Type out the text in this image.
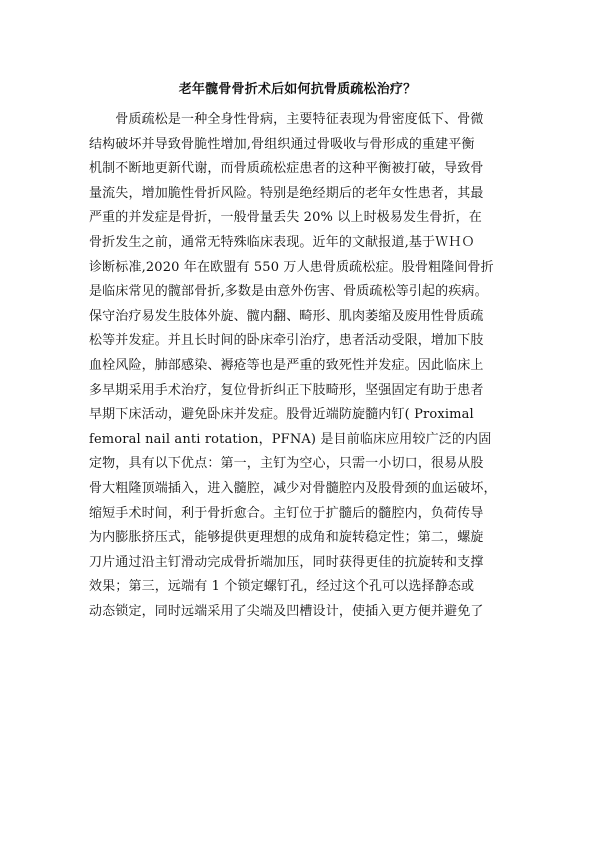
老年髋骨骨折术后如何抗骨质疏松治疗？
　　骨质疏松是一种全身性骨病，主要特征表现为骨密度低下、骨微
结构破坏并导致骨脆性增加,骨组织通过骨吸收与骨形成的重建平衡
机制不断地更新代谢，而骨质疏松症患者的这种平衡被打破，导致骨
量流失，增加脆性骨折风险。特别是绝经期后的老年女性患者，其最
严重的并发症是骨折，一般骨量丢失 20% 以上时极易发生骨折，在
骨折发生之前，通常无特殊临床表现。近年的文献报道,基于ＷＨＯ
诊断标准,2020 年在欧盟有 550 万人患骨质疏松症。股骨粗隆间骨折
是临床常见的髋部骨折,多数是由意外伤害、骨质疏松等引起的疾病。
保守治疗易发生肢体外旋、髋内翻、畸形、肌肉萎缩及废用性骨质疏
松等并发症。并且长时间的卧床牵引治疗，患者活动受限，增加下肢
血栓风险，肺部感染、褥疮等也是严重的致死性并发症。因此临床上
多早期采用手术治疗，复位骨折纠正下肢畸形，坚强固定有助于患者
早期下床活动，避免卧床并发症。股骨近端防旋髓内钉( Proximal
femoral nail anti rotation，PFNA) 是目前临床应用较广泛的内固
定物，具有以下优点：第一，主钉为空心，只需一小切口，很易从股
骨大粗隆顶端插入，进入髓腔，减少对骨髓腔内及股骨颈的血运破坏，
缩短手术时间，利于骨折愈合。主钉位于扩髓后的髓腔内，负荷传导
为内膨胀挤压式，能够提供更理想的成角和旋转稳定性；第二，螺旋
刀片通过沿主钉滑动完成骨折端加压，同时获得更佳的抗旋转和支撑
效果；第三，远端有 1 个锁定螺钉孔，经过这个孔可以选择静态或
动态锁定，同时远端采用了尖端及凹槽设计，使插入更方便并避免了
